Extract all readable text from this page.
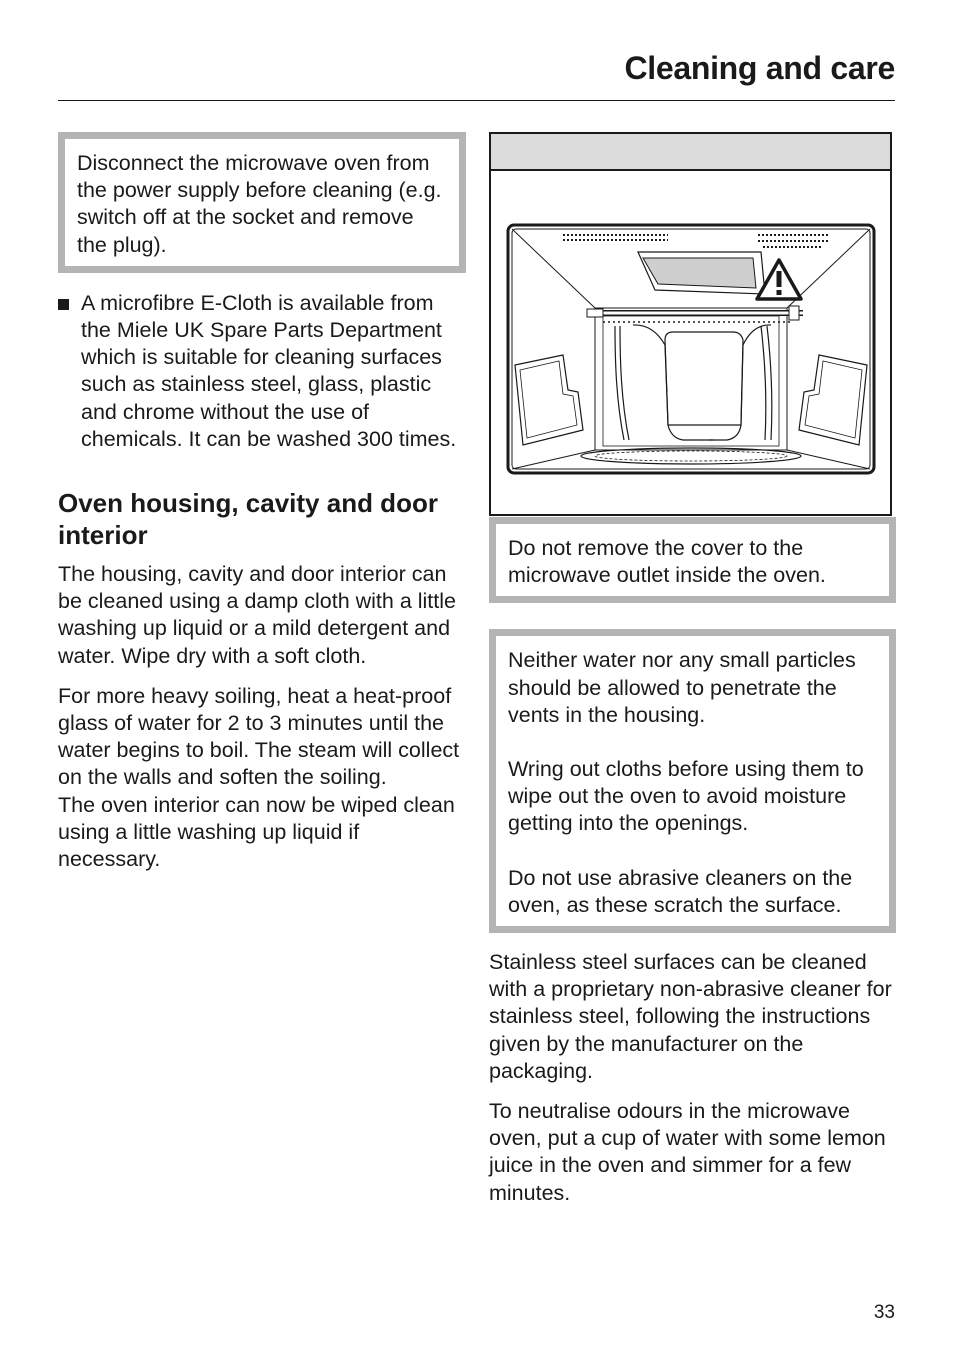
Cleaning and care

Disconnect the microwave oven from the power supply before cleaning (e.g. switch off at the socket and remove the plug).

A microfibre E-Cloth is available from the Miele UK Spare Parts Department which is suitable for cleaning surfaces such as stainless steel, glass, plastic and chrome without the use of chemicals. It can be washed 300 times.
Oven housing, cavity and door interior

The housing, cavity and door interior can be cleaned using a damp cloth with a little washing up liquid or a mild detergent and water. Wipe dry with a soft cloth.

For more heavy soiling, heat a heat-proof glass of water for 2 to 3 minutes until the water begins to boil. The steam will collect on the walls and soften the soiling.
The oven interior can now be wiped clean using a little washing up liquid if necessary.

Do not remove the cover to the microwave outlet inside the oven.

Neither water nor any small particles should be allowed to penetrate the vents in the housing.

Wring out cloths before using them to wipe out the oven to avoid moisture getting into the openings.

Do not use abrasive cleaners on the oven, as these scratch the surface.

Stainless steel surfaces can be cleaned with a proprietary non-abrasive cleaner for stainless steel, following the instructions given by the manufacturer on the packaging.

To neutralise odours in the microwave oven, put a cup of water with some lemon juice in the oven and simmer for a few minutes.

33
